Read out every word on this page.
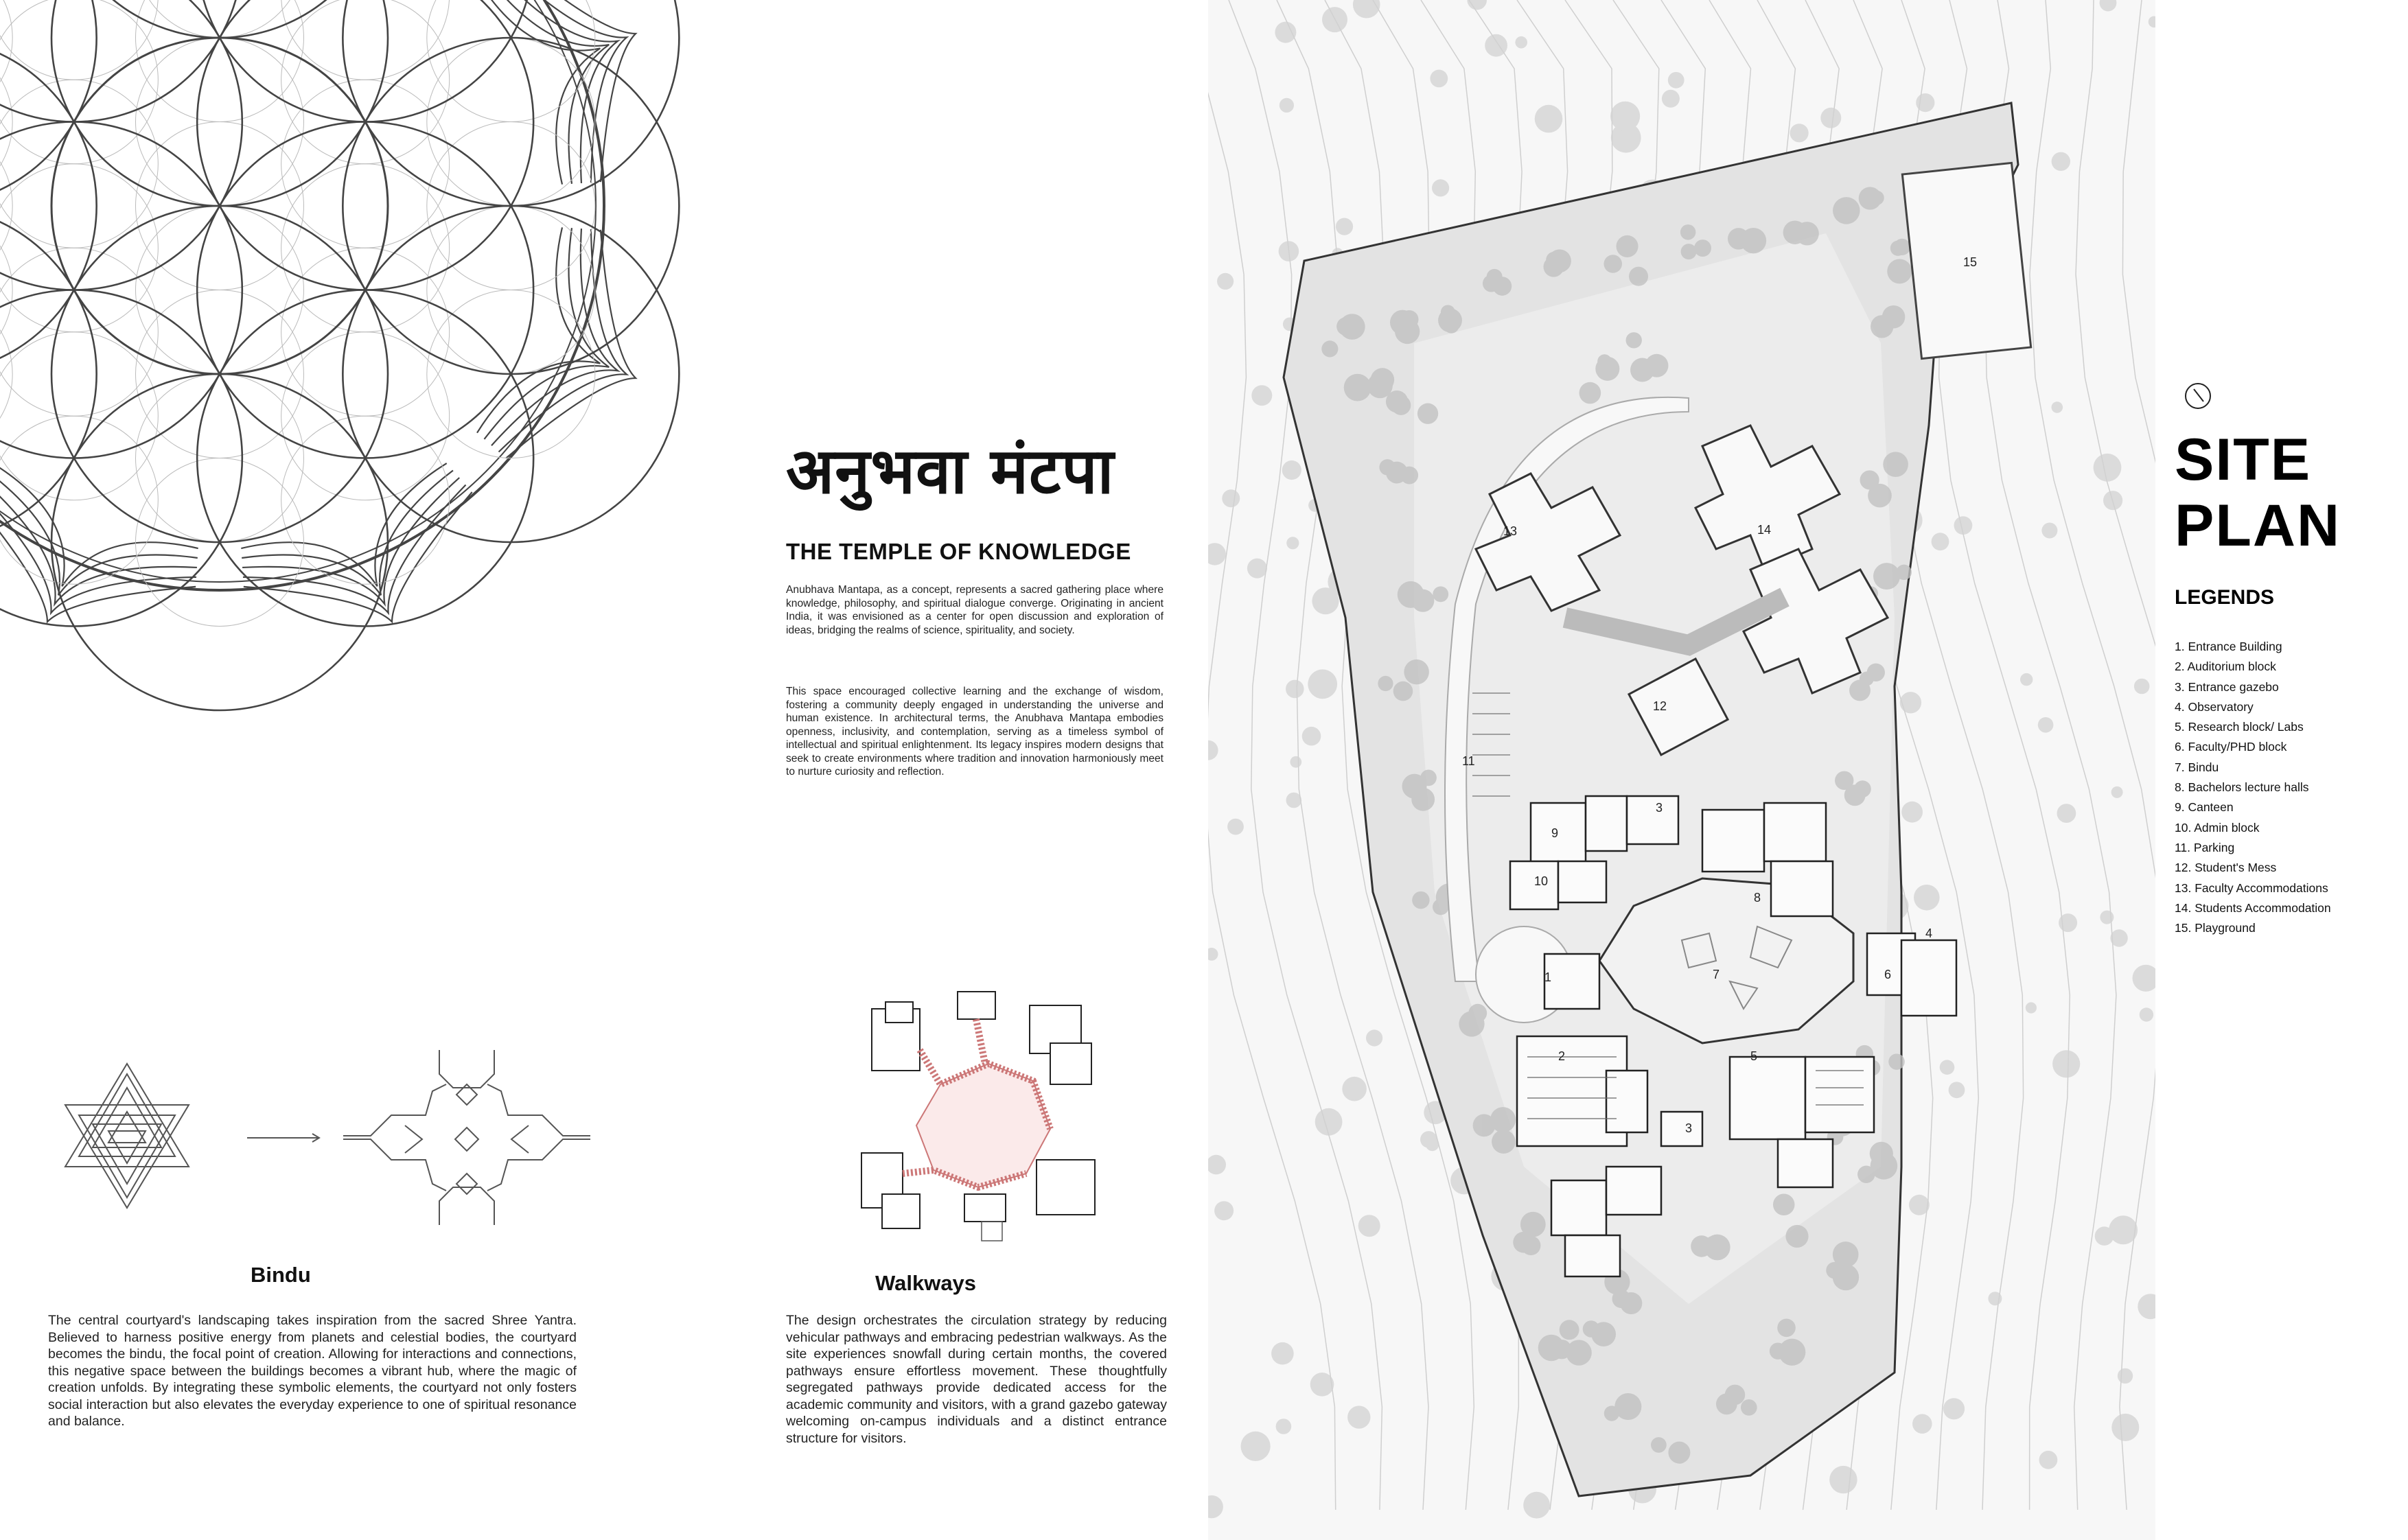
अनुभवा मंटपा
THE TEMPLE OF KNOWLEDGE
Anubhava Mantapa, as a concept, represents a sacred gathering place where knowledge, philosophy, and spiritual dialogue converge. Originating in ancient India, it was envisioned as a center for open discussion and exploration of ideas, bridging the realms of science, spirituality, and society.
This space encouraged collective learning and the exchange of wisdom, fostering a community deeply engaged in understanding the universe and human existence. In architectural terms, the Anubhava Mantapa embodies openness, inclusivity, and contemplation, serving as a timeless symbol of intellectual and spiritual enlightenment. Its legacy inspires modern designs that seek to create environments where tradition and innovation harmoniously meet to nurture curiosity and reflection.
Bindu
The central courtyard's landscaping takes inspiration from the sacred Shree Yantra. Believed to harness positive energy from planets and celestial bodies, the courtyard becomes the bindu, the focal point of creation. Allowing for interactions and connections, this negative space between the buildings becomes a vibrant hub, where the magic of creation unfolds. By integrating these symbolic elements, the courtyard not only fosters social interaction but also elevates the everyday experience to one of spiritual resonance and balance.
Walkways
The design orchestrates the circulation strategy by reducing vehicular pathways and embracing pedestrian walkways. As the site experiences snowfall during certain months, the covered pathways ensure effortless movement. These thoughtfully segregated pathways provide dedicated access for the academic community and visitors, with a grand gazebo gateway welcoming on-campus individuals and a distinct entrance structure for visitors.
15
13	14
12
11
3
9
10
8
1	7	6
4
2	5
3
SITE
PLAN
LEGENDS
1. Entrance Building
2. Auditorium block
3. Entrance gazebo
4. Observatory
5. Research block/ Labs
6. Faculty/PHD block
7. Bindu
8. Bachelors lecture halls
9. Canteen
10. Admin block
11. Parking
12. Student's Mess
13. Faculty Accommodations
14. Students Accommodation
15. Playground
